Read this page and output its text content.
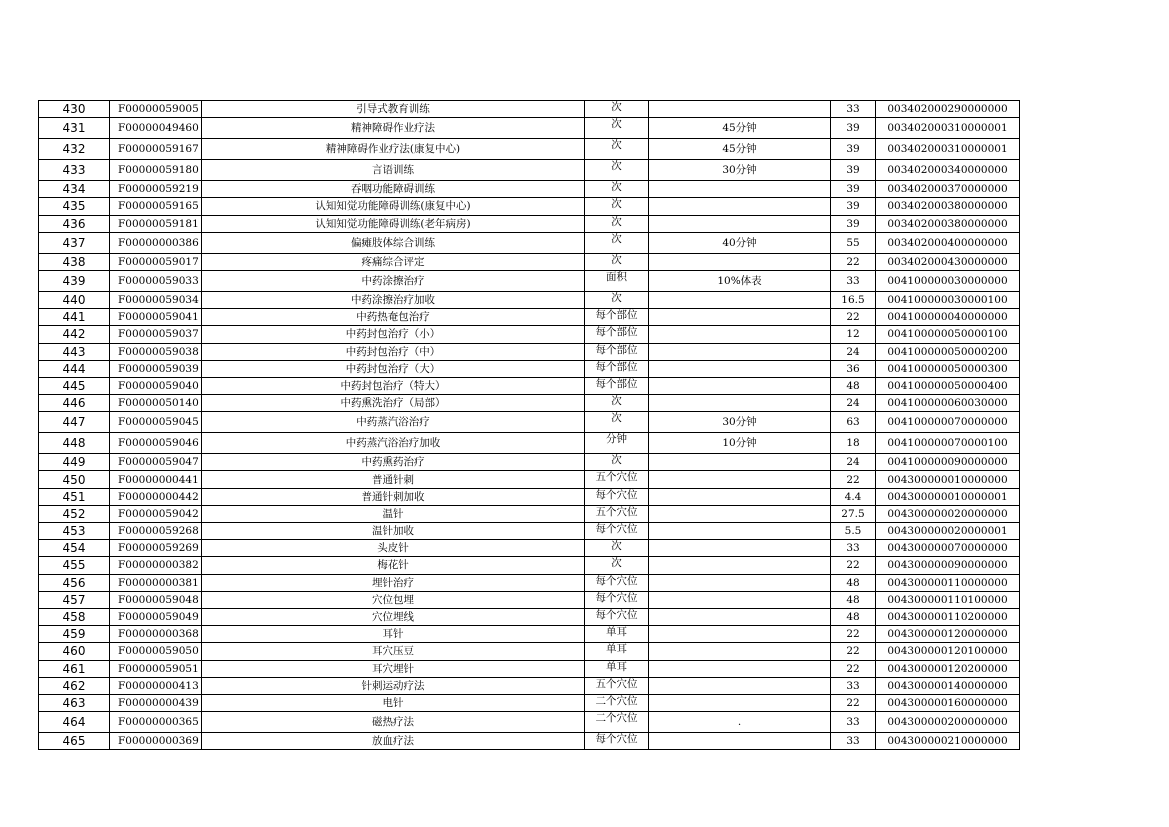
430	F00000059005	引导式教育训练	次		33	003402000290000000
431	F00000049460	精神障碍作业疗法	次	45分钟	39	003402000310000001
432	F00000059167	精神障碍作业疗法(康复中心)	次	45分钟	39	003402000310000001
433	F00000059180	言语训练	次	30分钟	39	003402000340000000
434	F00000059219	吞咽功能障碍训练	次		39	003402000370000000
435	F00000059165	认知知觉功能障碍训练(康复中心)	次		39	003402000380000000
436	F00000059181	认知知觉功能障碍训练(老年病房)	次		39	003402000380000000
437	F00000000386	偏瘫肢体综合训练	次	40分钟	55	003402000400000000
438	F00000059017	疼痛综合评定	次		22	003402000430000000
439	F00000059033	中药涂擦治疗	面积	10%体表	33	004100000030000000
440	F00000059034	中药涂擦治疗加收	次		16.5	004100000030000100
441	F00000059041	中药热奄包治疗	每个部位		22	004100000040000000
442	F00000059037	中药封包治疗（小）	每个部位		12	004100000050000100
443	F00000059038	中药封包治疗（中）	每个部位		24	004100000050000200
444	F00000059039	中药封包治疗（大）	每个部位		36	004100000050000300
445	F00000059040	中药封包治疗（特大）	每个部位		48	004100000050000400
446	F00000050140	中药熏洗治疗（局部）	次		24	004100000060030000
447	F00000059045	中药蒸汽浴治疗	次	30分钟	63	004100000070000000
448	F00000059046	中药蒸汽浴治疗加收	分钟	10分钟	18	004100000070000100
449	F00000059047	中药熏药治疗	次		24	004100000090000000
450	F00000000441	普通针刺	五个穴位		22	004300000010000000
451	F00000000442	普通针刺加收	每个穴位		4.4	004300000010000001
452	F00000059042	温针	五个穴位		27.5	004300000020000000
453	F00000059268	温针加收	每个穴位		5.5	004300000020000001
454	F00000059269	头皮针	次		33	004300000070000000
455	F00000000382	梅花针	次		22	004300000090000000
456	F00000000381	埋针治疗	每个穴位		48	004300000110000000
457	F00000059048	穴位包埋	每个穴位		48	004300000110100000
458	F00000059049	穴位埋线	每个穴位		48	004300000110200000
459	F00000000368	耳针	单耳		22	004300000120000000
460	F00000059050	耳穴压豆	单耳		22	004300000120100000
461	F00000059051	耳穴埋针	单耳		22	004300000120200000
462	F00000000413	针刺运动疗法	五个穴位		33	004300000140000000
463	F00000000439	电针	二个穴位		22	004300000160000000
464	F00000000365	磁热疗法	二个穴位	.	33	004300000200000000
465	F00000000369	放血疗法	每个穴位		33	004300000210000000
